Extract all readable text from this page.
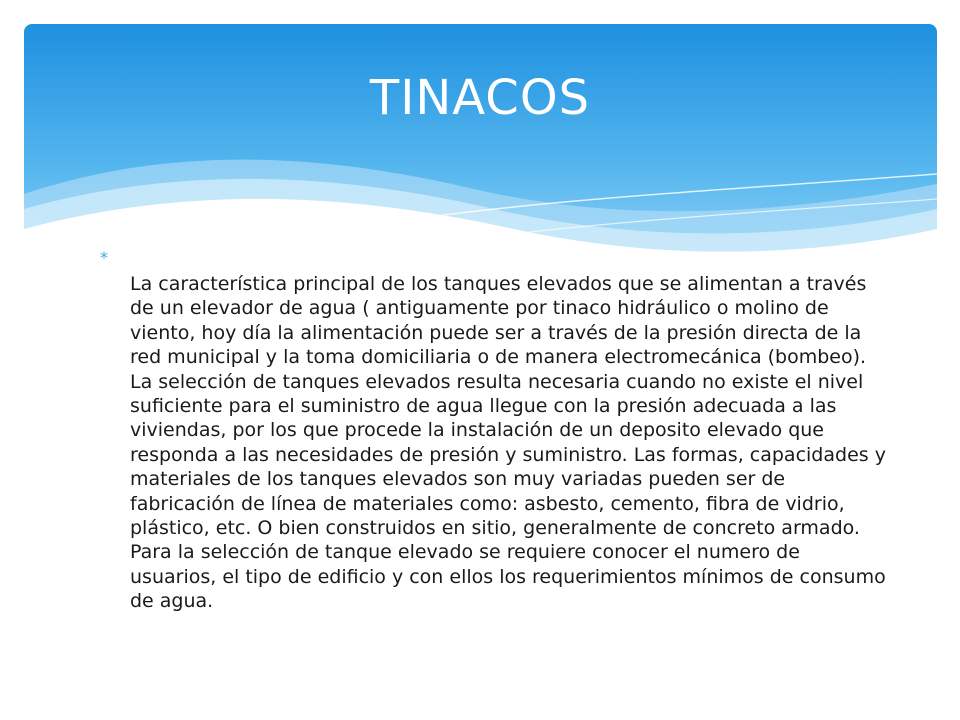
TINACOS
*

La característica principal de los tanques elevados que se alimentan a través de un elevador de agua ( antiguamente por tinaco hidráulico o molino de viento, hoy día la alimentación puede ser a través de la presión directa de la red municipal y la toma domiciliaria o de manera electromecánica (bombeo). La selección de tanques elevados resulta necesaria cuando no existe el nivel suficiente para el suministro de agua llegue con la presión adecuada a las viviendas, por los que procede la instalación de un deposito elevado que responda a las necesidades de presión y suministro. Las formas, capacidades y materiales de los tanques elevados son muy variadas pueden ser de fabricación de línea de materiales como: asbesto, cemento, fibra de vidrio, plástico, etc. O bien construidos en sitio, generalmente de concreto armado. Para la selección de tanque elevado se requiere conocer el numero de usuarios, el tipo de edificio y con ellos los requerimientos mínimos de consumo de agua.
